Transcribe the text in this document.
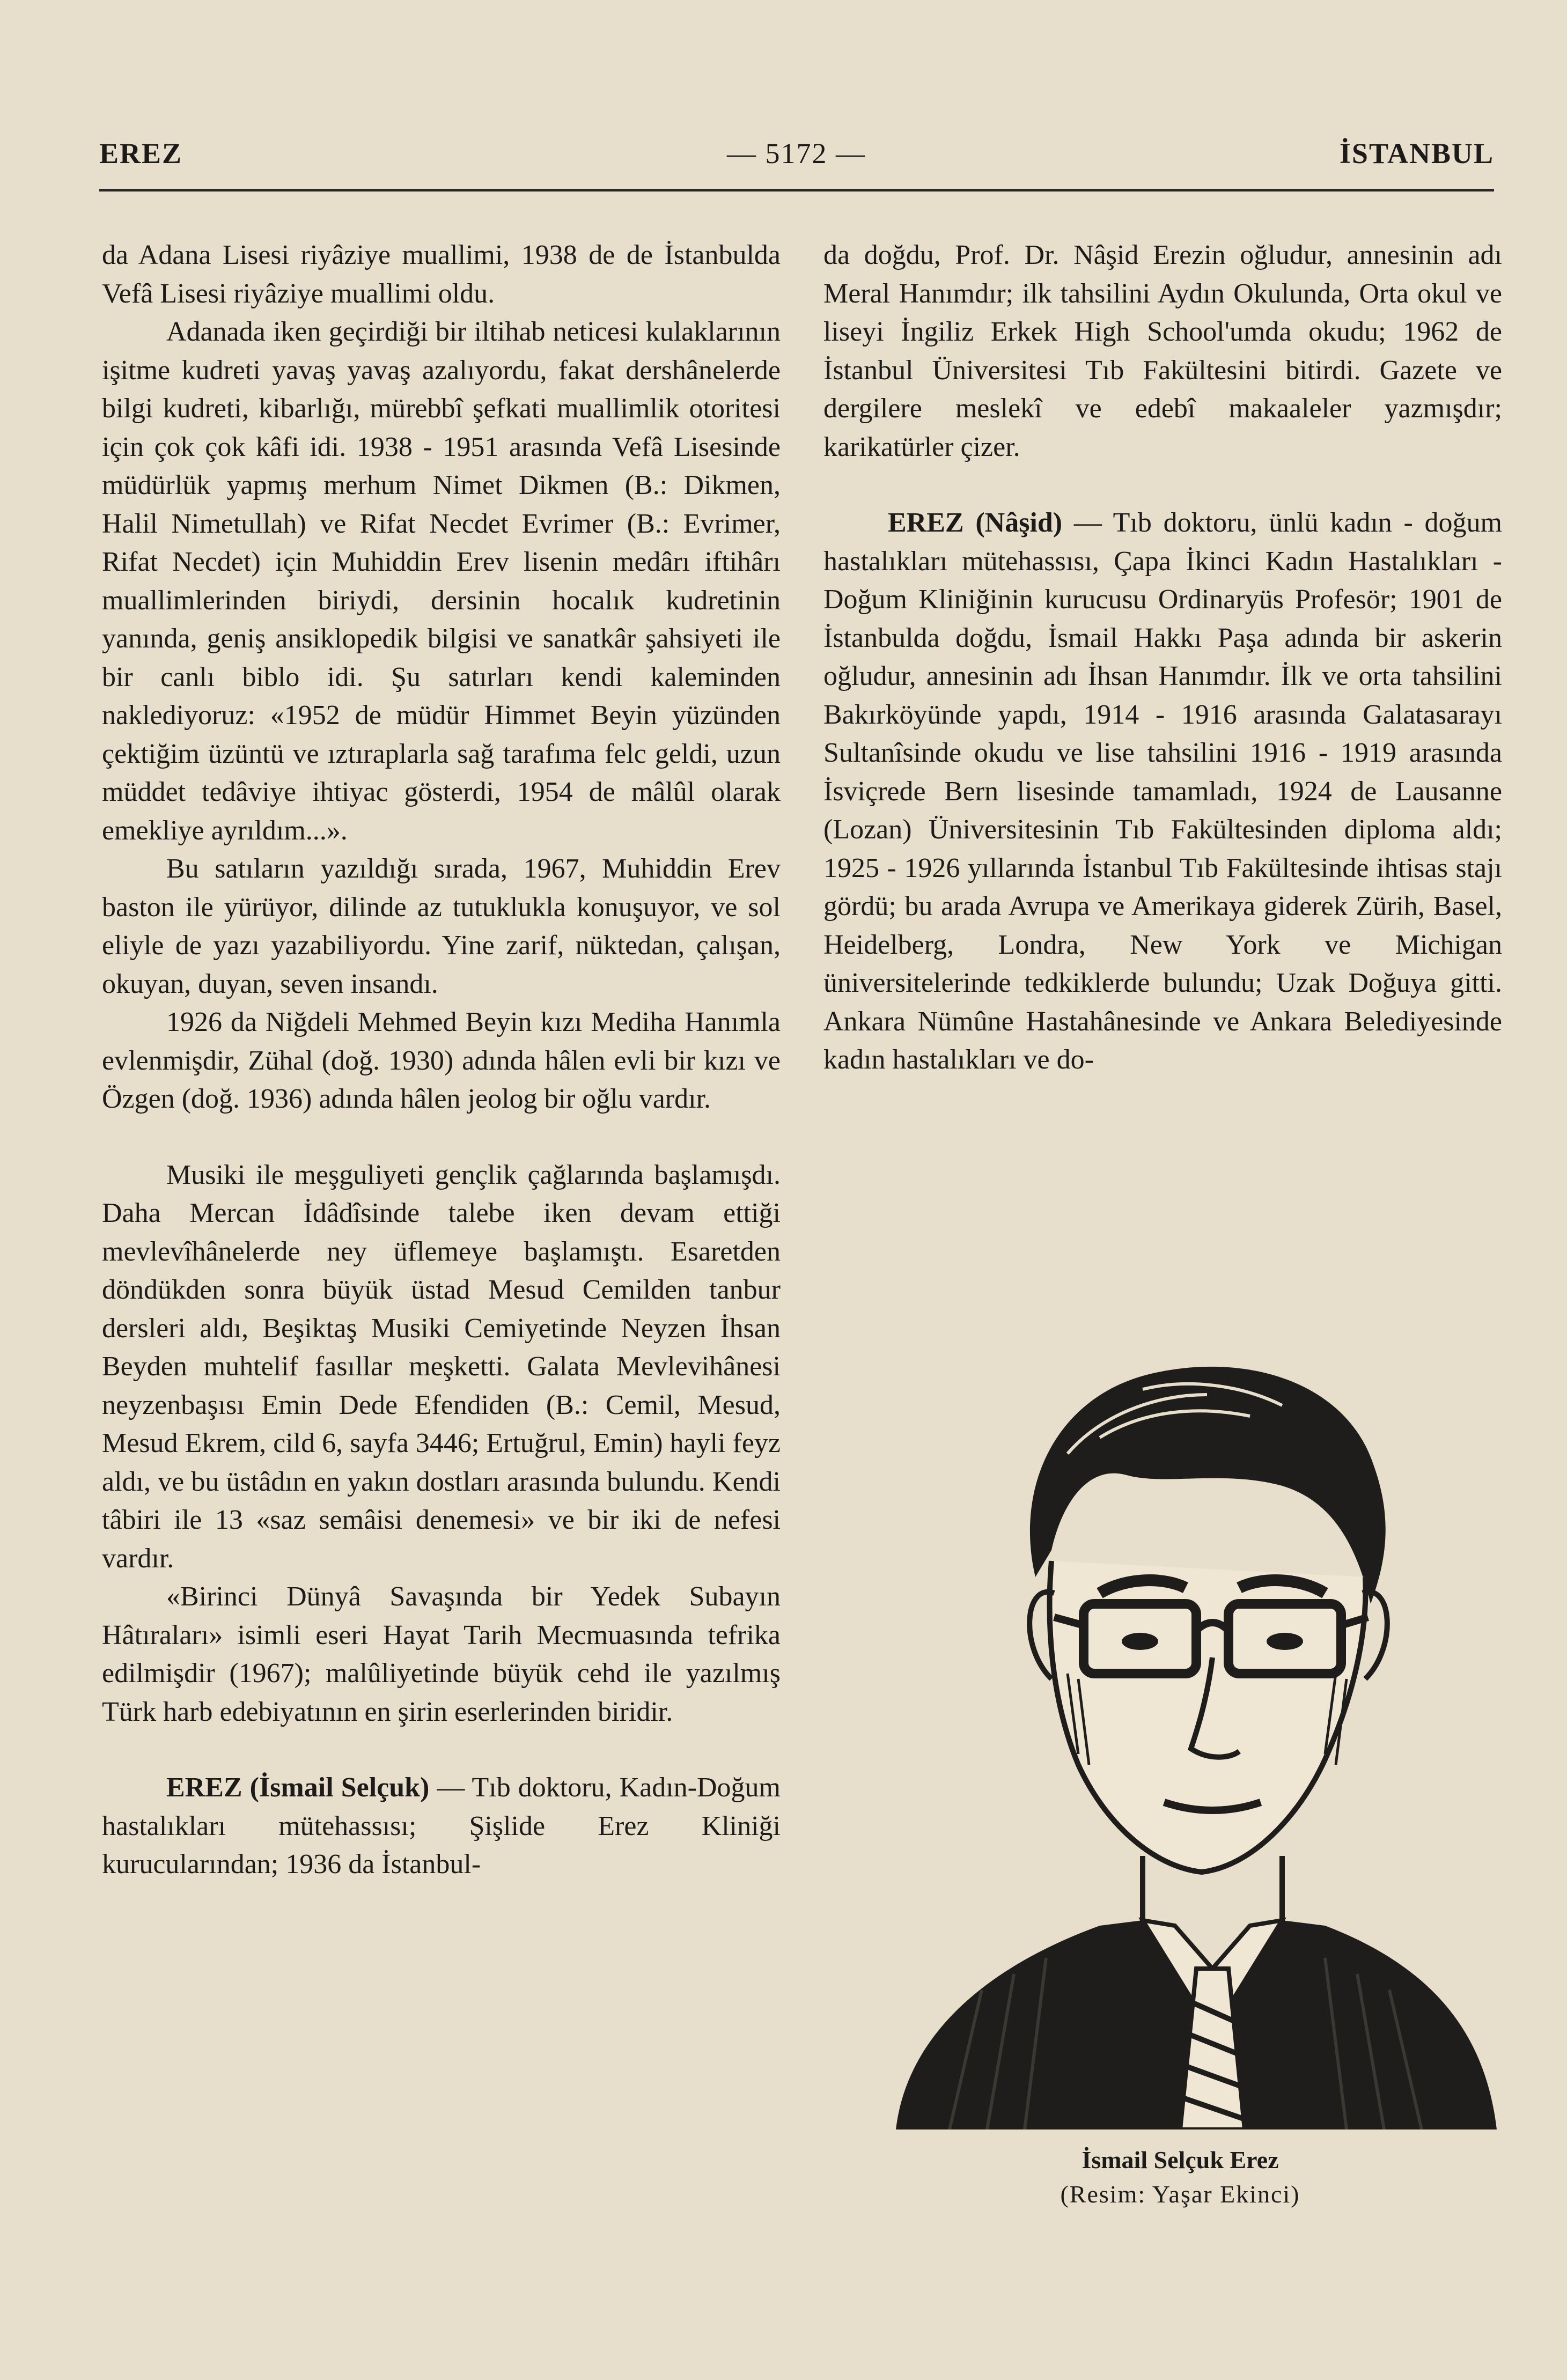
EREZ	— 5172 —	İSTANBUL

da Adana Lisesi riyâziye muallimi, 1938 de de İstanbulda Vefâ Lisesi riyâziye muallimi oldu.

Adanada iken geçirdiği bir iltihab neticesi kulaklarının işitme kudreti yavaş yavaş azalıyordu, fakat dershânelerde bilgi kudreti, kibarlığı, mürebbî şefkati muallimlik otoritesi için çok çok kâfi idi. 1938 - 1951 arasında Vefâ Lisesinde müdürlük yapmış merhum Nimet Dikmen (B.: Dikmen, Halil Nimetullah) ve Rifat Necdet Evrimer (B.: Evrimer, Rifat Necdet) için Muhiddin Erev lisenin medârı iftihârı muallimlerinden biriydi, dersinin hocalık kudretinin yanında, geniş ansiklopedik bilgisi ve sanatkâr şahsiyeti ile bir canlı biblo idi. Şu satırları kendi kaleminden naklediyoruz: «1952 de müdür Himmet Beyin yüzünden çektiğim üzüntü ve ıztıraplarla sağ tarafıma felc geldi, uzun müddet tedâviye ihtiyac gösterdi, 1954 de mâlûl olarak emekliye ayrıldım...».

Bu satıların yazıldığı sırada, 1967, Muhiddin Erev baston ile yürüyor, dilinde az tutuklukla konuşuyor, ve sol eliyle de yazı yazabiliyordu. Yine zarif, nüktedan, çalışan, okuyan, duyan, seven insandı.

1926 da Niğdeli Mehmed Beyin kızı Mediha Hanımla evlenmişdir, Zühal (doğ. 1930) adında hâlen evli bir kızı ve Özgen (doğ. 1936) adında hâlen jeolog bir oğlu vardır.

Musiki ile meşguliyeti gençlik çağlarında başlamışdı. Daha Mercan İdâdîsinde talebe iken devam ettiği mevlevîhânelerde ney üflemeye başlamıştı. Esaretden döndükden sonra büyük üstad Mesud Cemilden tanbur dersleri aldı, Beşiktaş Musiki Cemiyetinde Neyzen İhsan Beyden muhtelif fasıllar meşketti. Galata Mevlevihânesi neyzenbaşısı Emin Dede Efendiden (B.: Cemil, Mesud, Mesud Ekrem, cild 6, sayfa 3446; Ertuğrul, Emin) hayli feyz aldı, ve bu üstâdın en yakın dostları arasında bulundu. Kendi tâbiri ile 13 «saz semâisi denemesi» ve bir iki de nefesi vardır.

«Birinci Dünyâ Savaşında bir Yedek Subayın Hâtıraları» isimli eseri Hayat Tarih Mecmuasında tefrika edilmişdir (1967); malûliyetinde büyük cehd ile yazılmış Türk harb edebiyatının en şirin eserlerinden biridir.

EREZ (İsmail Selçuk) — Tıb doktoru, Kadın-Doğum hastalıkları mütehassısı; Şişlide Erez Kliniği kurucularından; 1936 da İstanbul-

da doğdu, Prof. Dr. Nâşid Erezin oğludur, annesinin adı Meral Hanımdır; ilk tahsilini Aydın Okulunda, Orta okul ve liseyi İngiliz Erkek High School'umda okudu; 1962 de İstanbul Üniversitesi Tıb Fakültesini bitirdi. Gazete ve dergilere meslekî ve edebî makaaleler yazmışdır; karikatürler çizer.

EREZ (Nâşid) — Tıb doktoru, ünlü kadın - doğum hastalıkları mütehassısı, Çapa İkinci Kadın Hastalıkları - Doğum Kliniğinin kurucusu Ordinaryüs Profesör; 1901 de İstanbulda doğdu, İsmail Hakkı Paşa adında bir askerin oğludur, annesinin adı İhsan Hanımdır. İlk ve orta tahsilini Bakırköyünde yapdı, 1914 - 1916 arasında Galatasarayı Sultanîsinde okudu ve lise tahsilini 1916 - 1919 arasında İsviçrede Bern lisesinde tamamladı, 1924 de Lausanne (Lozan) Üniversitesinin Tıb Fakültesinden diploma aldı; 1925 - 1926 yıllarında İstanbul Tıb Fakültesinde ihtisas stajı gördü; bu arada Avrupa ve Amerikaya giderek Zürih, Basel, Heidelberg, Londra, New York ve Michigan üniversitelerinde tedkiklerde bulundu; Uzak Doğuya gitti. Ankara Nümûne Hastahânesinde ve Ankara Belediyesinde kadın hastalıkları ve do-

İsmail Selçuk Erez
(Resim: Yaşar Ekinci)
